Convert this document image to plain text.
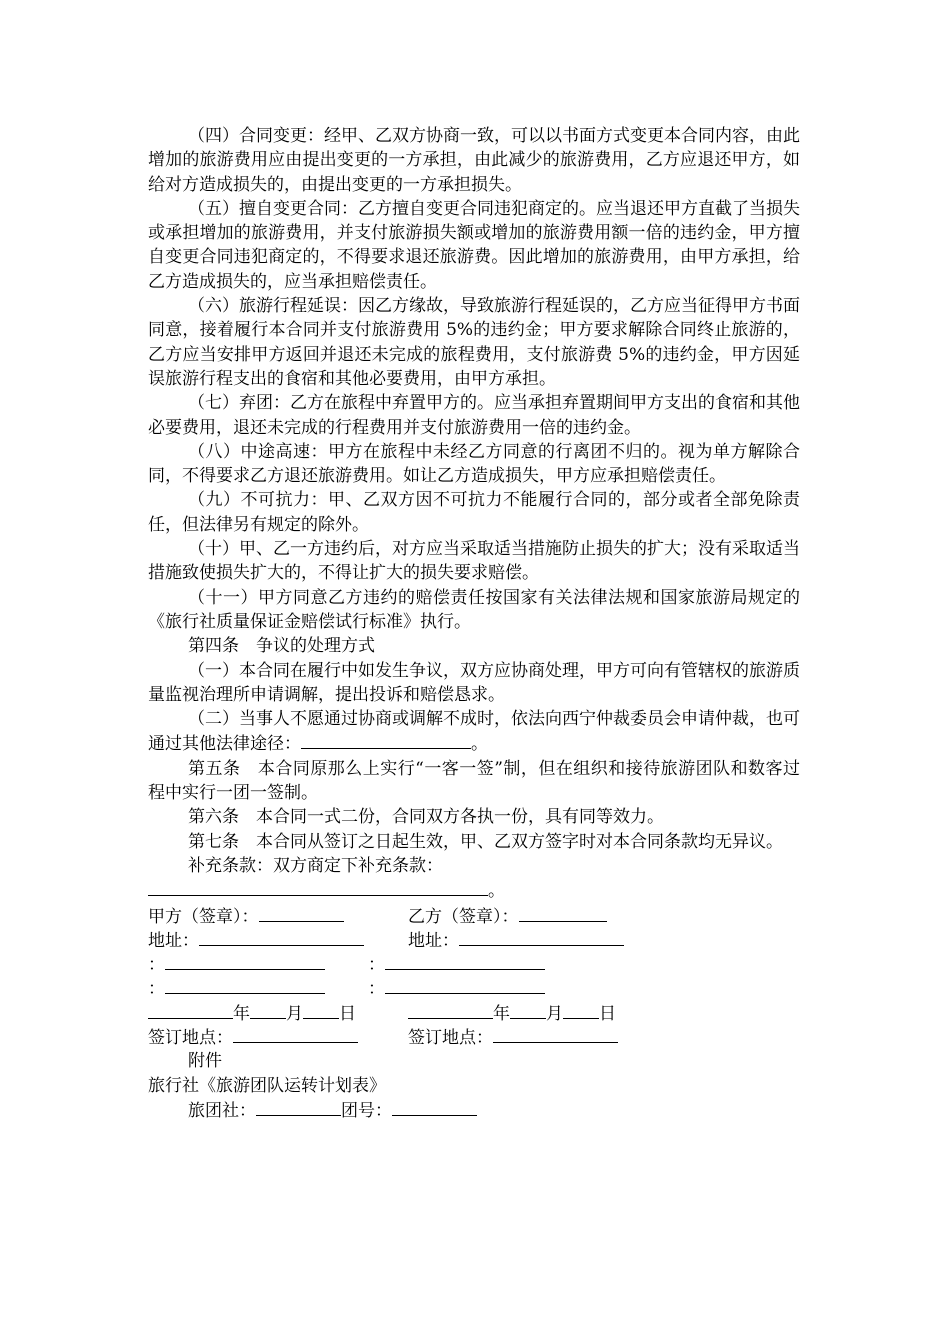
（四）合同变更：经甲、乙双方协商一致，可以以书面方式变更本合同内容，由此增加的旅游费用应由提出变更的一方承担，由此减少的旅游费用，乙方应退还甲方，如给对方造成损失的，由提出变更的一方承担损失。

（五）擅自变更合同：乙方擅自变更合同违犯商定的。应当退还甲方直截了当损失或承担增加的旅游费用，并支付旅游损失额或增加的旅游费用额一倍的违约金，甲方擅自变更合同违犯商定的，不得要求退还旅游费。因此增加的旅游费用，由甲方承担，给乙方造成损失的，应当承担赔偿责任。

（六）旅游行程延误：因乙方缘故，导致旅游行程延误的，乙方应当征得甲方书面同意，接着履行本合同并支付旅游费用 5%的违约金；甲方要求解除合同终止旅游的，乙方应当安排甲方返回并退还未完成的旅程费用，支付旅游费 5%的违约金，甲方因延误旅游行程支出的食宿和其他必要费用，由甲方承担。

（七）弃团：乙方在旅程中弃置甲方的。应当承担弃置期间甲方支出的食宿和其他必要费用，退还未完成的行程费用并支付旅游费用一倍的违约金。

（八）中途高速：甲方在旅程中未经乙方同意的行离团不归的。视为单方解除合同，不得要求乙方退还旅游费用。如让乙方造成损失，甲方应承担赔偿责任。

（九）不可抗力：甲、乙双方因不可抗力不能履行合同的，部分或者全部免除责任，但法律另有规定的除外。

（十）甲、乙一方违约后，对方应当采取适当措施防止损失的扩大；没有采取适当措施致使损失扩大的，不得让扩大的损失要求赔偿。

（十一）甲方同意乙方违约的赔偿责任按国家有关法律法规和国家旅游局规定的《旅行社质量保证金赔偿试行标准》执行。

第四条　争议的处理方式

（一）本合同在履行中如发生争议，双方应协商处理，甲方可向有管辖权的旅游质量监视治理所申请调解，提出投诉和赔偿恳求。

（二）当事人不愿通过协商或调解不成时，依法向西宁仲裁委员会申请仲裁，也可通过其他法律途径：	。

第五条　本合同原那么上实行“一客一签”制，但在组织和接待旅游团队和数客过程中实行一团一签制。

第六条　本合同一式二份，合同双方各执一份，具有同等效力。

第七条　本合同从签订之日起生效，甲、乙双方签字时对本合同条款均无异议。

补充条款：双方商定下补充条款：

。

甲方（签章）：	乙方（签章）：
地址：	地址：
：	：
：	：
年 月 日	年 月 日
签订地点：	签订地点：

附件

旅行社《旅游团队运转计划表》

旅团社：	团号：
